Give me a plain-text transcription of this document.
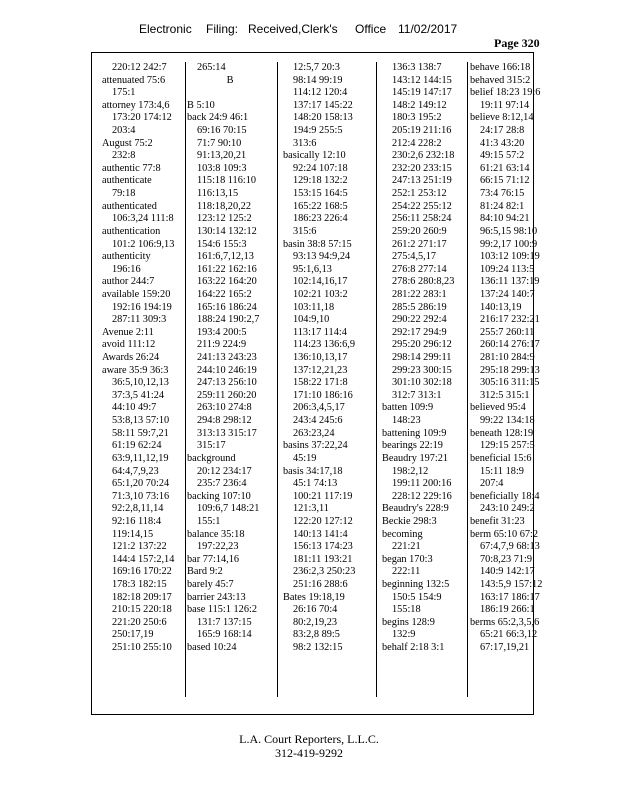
Electronic Filing: Received,Clerk's Office 11/02/2017
Page 320
220:12 242:7
attenuated 75:6
175:1
attorney 173:4,6
173:20 174:12
203:4
August 75:2
232:8
authentic 77:8
authenticate
79:18
authenticated
106:3,24 111:8
authentication
101:2 106:9,13
authenticity
196:16
author 244:7
available 159:20
192:16 194:19
287:11 309:3
Avenue 2:11
avoid 111:12
Awards 26:24
aware 35:9 36:3
36:5,10,12,13
37:3,5 41:24
44:10 49:7
53:8,13 57:10
58:11 59:7,21
61:19 62:24
63:9,11,12,19
64:4,7,9,23
65:1,20 70:24
71:3,10 73:16
92:2,8,11,14
92:16 118:4
119:14,15
121:2 137:22
144:4 157:2,14
169:16 170:22
178:3 182:15
182:18 209:17
210:15 220:18
221:20 250:6
250:17,19
251:10 255:10
265:14
B
B 5:10
back 24:9 46:1
69:16 70:15
71:7 90:10
91:13,20,21
103:8 109:3
115:18 116:10
116:13,15
118:18,20,22
123:12 125:2
130:14 132:12
154:6 155:3
161:6,7,12,13
161:22 162:16
163:22 164:20
164:22 165:2
165:16 186:24
188:24 190:2,7
193:4 200:5
211:9 224:9
241:13 243:23
244:10 246:19
247:13 256:10
259:11 260:20
263:10 274:8
294:8 298:12
313:13 315:17
315:17
background
20:12 234:17
235:7 236:4
backing 107:10
109:6,7 148:21
155:1
balance 35:18
197:22,23
bar 77:14,16
Bard 9:2
barely 45:7
barrier 243:13
base 115:1 126:2
131:7 137:15
165:9 168:14
based 10:24
12:5,7 20:3
98:14 99:19
114:12 120:4
137:17 145:22
148:20 158:13
194:9 255:5
313:6
basically 12:10
92:24 107:18
129:18 132:2
153:15 164:5
165:22 168:5
186:23 226:4
315:6
basin 38:8 57:15
93:13 94:9,24
95:1,6,13
102:14,16,17
102:21 103:2
103:11,18
104:9,10
113:17 114:4
114:23 136:6,9
136:10,13,17
137:12,21,23
158:22 171:8
171:10 186:16
206:3,4,5,17
243:4 245:6
263:23,24
basins 37:22,24
45:19
basis 34:17,18
45:1 74:13
100:21 117:19
121:3,11
122:20 127:12
140:13 141:4
156:13 174:23
181:11 193:21
236:2,3 250:23
251:16 288:6
Bates 19:18,19
26:16 70:4
80:2,19,23
83:2,8 89:5
98:2 132:15
136:3 138:7
143:12 144:15
145:19 147:17
148:2 149:12
180:3 195:2
205:19 211:16
212:4 228:2
230:2,6 232:18
232:20 233:15
247:13 251:19
252:1 253:12
254:22 255:12
256:11 258:24
259:20 260:9
261:2 271:17
275:4,5,17
276:8 277:14
278:6 280:8,23
281:22 283:1
285:5 286:19
290:22 292:4
292:17 294:9
295:20 296:12
298:14 299:11
299:23 300:15
301:10 302:18
312:7 313:1
batten 109:9
148:23
battening 109:9
bearings 22:19
Beaudry 197:21
198:2,12
199:11 200:16
228:12 229:16
Beaudry's 228:9
Beckie 298:3
becoming
221:21
began 170:3
222:11
beginning 132:5
150:5 154:9
155:18
begins 128:9
132:9
behalf 2:18 3:1
behave 166:18
behaved 315:2
belief 18:23 19:6
19:11 97:14
believe 8:12,14
24:17 28:8
41:3 43:20
49:15 57:2
61:21 63:14
66:15 71:12
73:4 76:15
81:24 82:1
84:10 94:21
96:5,15 98:10
99:2,17 100:9
103:12 109:19
109:24 113:5
136:11 137:19
137:24 140:7
140:13,19
216:17 232:21
255:7 260:11
260:14 276:17
281:10 284:9
295:18 299:13
305:16 311:15
312:5 315:1
believed 95:4
99:22 134:18
beneath 128:19
129:15 257:5
beneficial 15:6
15:11 18:9
207:4
beneficially 18:4
243:10 249:2
benefit 31:23
berm 65:10 67:2
67:4,7,9 68:13
70:8,23 71:9
140:9 142:17
143:5,9 157:12
163:17 186:17
186:19 266:1
berms 65:2,3,5,6
65:21 66:3,12
67:17,19,21
L.A. Court Reporters, L.L.C.
312-419-9292
